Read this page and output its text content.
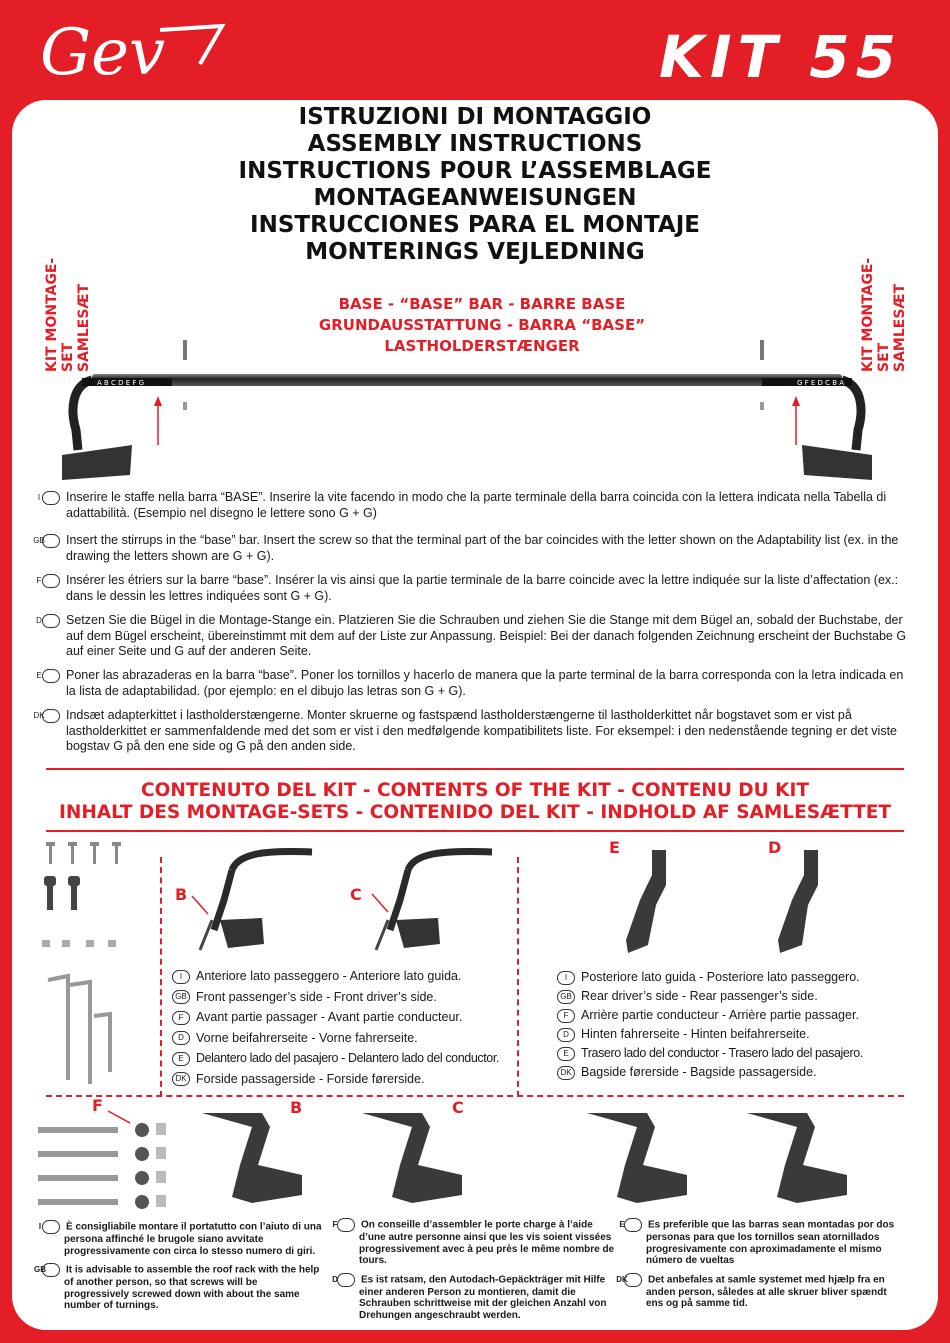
Gev	KIT 55
ISTRUZIONI DI MONTAGGIO
ASSEMBLY INSTRUCTIONS
INSTRUCTIONS POUR L’ASSEMBLAGE
MONTAGEANWEISUNGEN
INSTRUCCIONES PARA EL MONTAJE
MONTERINGS VEJLEDNING
KIT MONTAGE-SET SAMLESÆT	KIT MONTAGE-SET SAMLESÆT
BASE - “BASE” BAR - BARRE BASE
GRUNDAUSSTATTUNG - BARRA “BASE”
LASTHOLDERSTÆNGER
A B C D E F G	G F E D C B A

I Inserire le staffe nella barra “BASE”. Inserire la vite facendo in modo che la parte terminale della barra coincida con la lettera indicata nella Tabella di adattabilità. (Esempio nel disegno le lettere sono G + G)

GB Insert the stirrups in the “base” bar. Insert the screw so that the terminal part of the bar coincides with the letter shown on the Adaptability list (ex. in the drawing the letters shown are G + G).

F Insérer les étriers sur la barre “base”. Insérer la vis ainsi que la partie terminale de la barre coincide avec la lettre indiquée sur la liste d’affectation (ex.: dans le dessin les lettres indiquées sont G + G).

D Setzen Sie die Bügel in die Montage-Stange ein. Platzieren Sie die Schrauben und ziehen Sie die Stange mit dem Bügel an, sobald der Buchstabe, der auf dem Bügel erscheint, übereinstimmt mit dem auf der Liste zur Anpassung. Beispiel: Bei der danach folgenden Zeichnung erscheint der Buchstabe G auf einer Seite und G auf der anderen Seite.

E Poner las abrazaderas en la barra “base”. Poner los tornillos y hacerlo de manera que la parte terminal de la barra corresponda con la letra indicada en la lista de adaptabilidad. (por ejemplo: en el dibujo las letras son G + G).

DK Indsæt adapterkittet i lastholderstængerne. Monter skruerne og fastspænd lastholderstængerne til lastholderkittet når bogstavet som er vist på lastholderkittet er sammenfaldende med det som er vist i den medfølgende kompatibilitets liste. For eksempel: i den nedenstående tegning er det viste bogstav G på den ene side og G på den anden side.

CONTENUTO DEL KIT - CONTENTS OF THE KIT - CONTENU DU KIT
INHALT DES MONTAGE-SETS - CONTENIDO DEL KIT - INDHOLD AF SAMLESÆTTET
B	C
I Anteriore lato passeggero - Anteriore lato guida.
GB Front passenger’s side - Front driver’s side.
F Avant partie passager - Avant partie conducteur.
D Vorne beifahrerseite - Vorne fahrerseite.
E Delantero lado del pasajero - Delantero lado del conductor.
DK Forside passagerside - Forside førerside.
E	D
I Posteriore lato guida - Posteriore lato passeggero.
GB Rear driver’s side - Rear passenger’s side.
F Arrière partie conducteur - Arrière partie passager.
D Hinten fahrerseite - Hinten beifahrerseite.
E Trasero lado del conductor - Trasero lado del pasajero.
DK Bagside førerside - Bagside passagerside.
F	B	C

I È consigliabile montare il portatutto con l’aiuto di una persona affinché le brugole siano avvitate progressivamente con circa lo stesso numero di giri.

GB It is advisable to assemble the roof rack with the help of another person, so that screws will be progressively screwed down with about the same number of turnings.

F On conseille d’assembler le porte charge à l’aide d’une autre personne ainsi que les vis soient vissées progressivement avec à peu près le même nombre de tours.

D Es ist ratsam, den Autodach-Gepäckträger mit Hilfe einer anderen Person zu montieren, damit die Schrauben schrittweise mit der gleichen Anzahl von Drehungen angeschraubt werden.

E Es preferible que las barras sean montadas por dos personas para que los tornillos sean atornillados progresivamente con aproximadamente el mismo número de vueltas

DK Det anbefales at samle systemet med hjælp fra en anden person, således at alle skruer bliver spændt ens og på samme tid.
